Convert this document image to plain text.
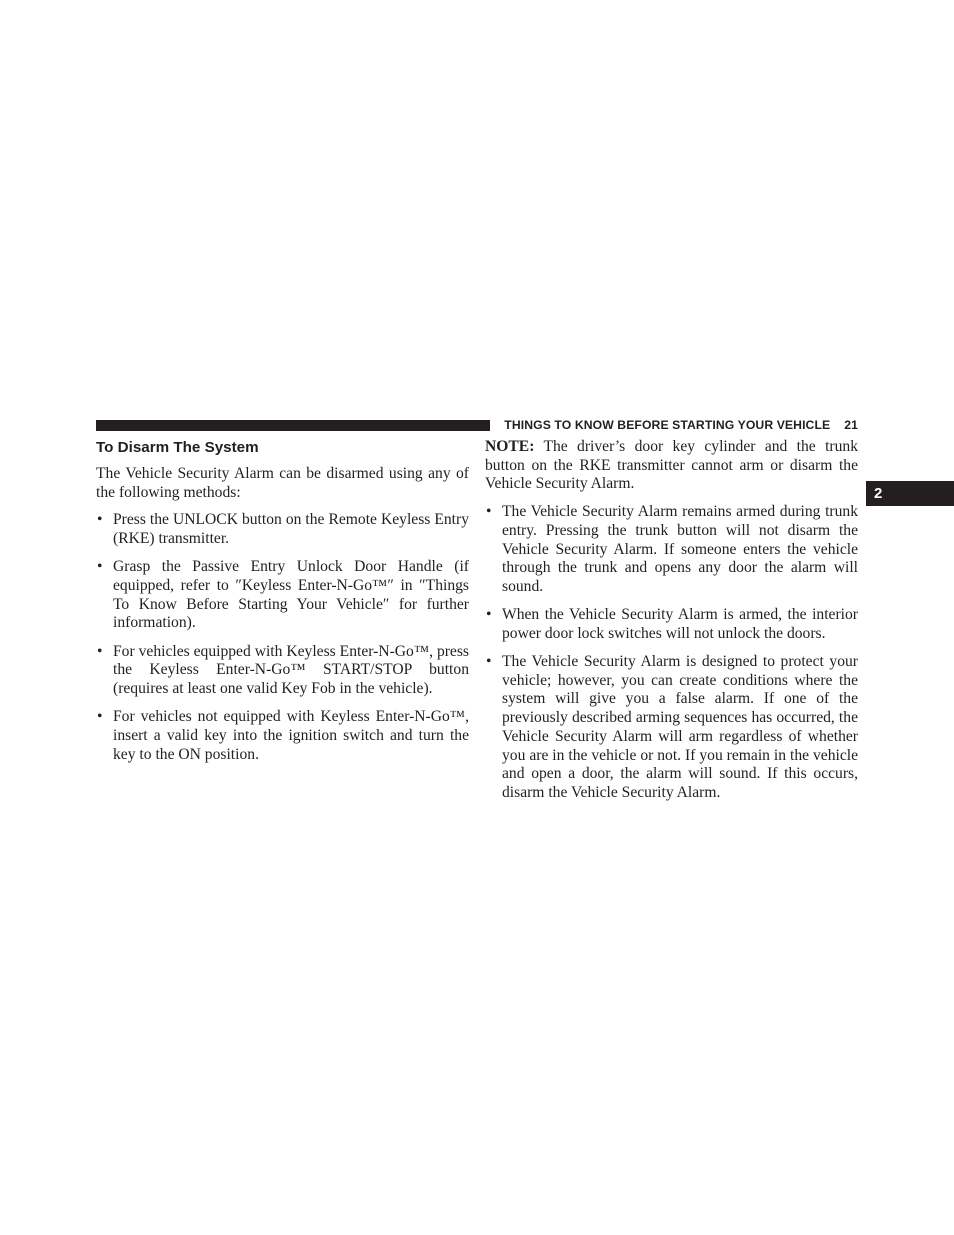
THINGS TO KNOW BEFORE STARTING YOUR VEHICLE 21
2
To Disarm The System

The Vehicle Security Alarm can be disarmed using any of the following methods:

• Press the UNLOCK button on the Remote Keyless Entry (RKE) transmitter.
• Grasp the Passive Entry Unlock Door Handle (if equipped, refer to ″Keyless Enter-N-Go™″ in ″Things To Know Before Starting Your Vehicle″ for further information).
• For vehicles equipped with Keyless Enter-N-Go™, press the Keyless Enter-N-Go™ START/STOP button (requires at least one valid Key Fob in the vehicle).
• For vehicles not equipped with Keyless Enter-N-Go™, insert a valid key into the ignition switch and turn the key to the ON position.

NOTE: The driver’s door key cylinder and the trunk button on the RKE transmitter cannot arm or disarm the Vehicle Security Alarm.

• The Vehicle Security Alarm remains armed during trunk entry. Pressing the trunk button will not disarm the Vehicle Security Alarm. If someone enters the vehicle through the trunk and opens any door the alarm will sound.
• When the Vehicle Security Alarm is armed, the interior power door lock switches will not unlock the doors.
• The Vehicle Security Alarm is designed to protect your vehicle; however, you can create conditions where the system will give you a false alarm. If one of the previously described arming sequences has occurred, the Vehicle Security Alarm will arm regardless of whether you are in the vehicle or not. If you remain in the vehicle and open a door, the alarm will sound. If this occurs, disarm the Vehicle Security Alarm.
